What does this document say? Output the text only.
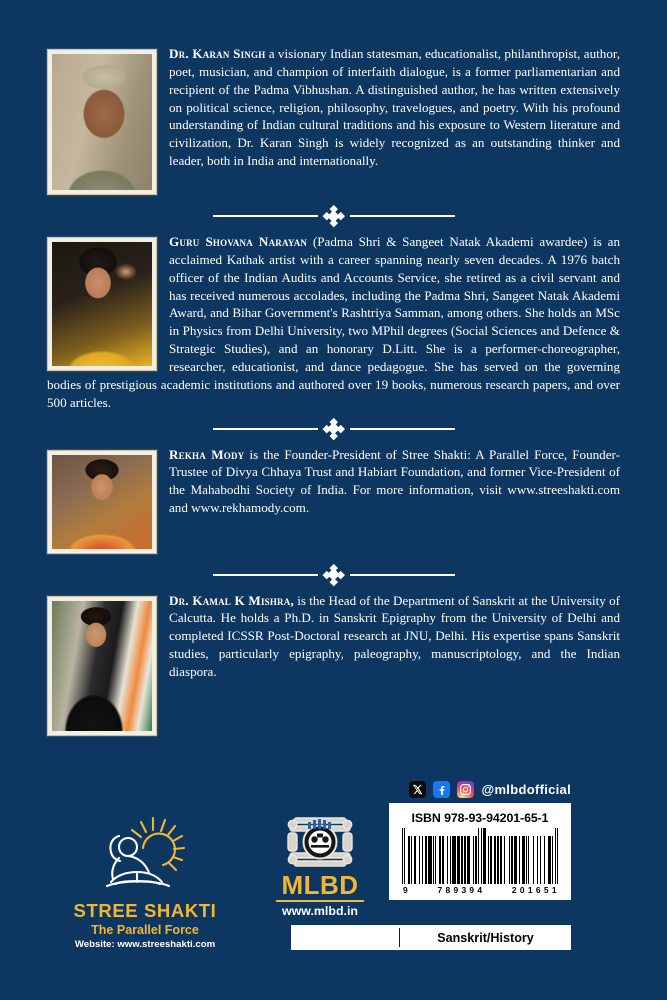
Dr. Karan Singh a visionary Indian statesman, educationalist, philanthropist, author, poet, musician, and champion of interfaith dialogue, is a former parliamentarian and recipient of the Padma Vibhushan. A distinguished author, he has written extensively on political science, religion, philosophy, travelogues, and poetry. With his profound understanding of Indian cultural traditions and his exposure to Western literature and civilization, Dr. Karan Singh is widely recognized as an outstanding thinker and leader, both in India and internationally.

Guru Shovana Narayan (Padma Shri & Sangeet Natak Akademi awardee) is an acclaimed Kathak artist with a career spanning nearly seven decades. A 1976 batch officer of the Indian Audits and Accounts Service, she retired as a civil servant and has received numerous accolades, including the Padma Shri, Sangeet Natak Akademi Award, and Bihar Government's Rashtriya Samman, among others. She holds an MSc in Physics from Delhi University, two MPhil degrees (Social Sciences and Defence & Strategic Studies), and an honorary D.Litt. She is a performer-choreographer, researcher, educationist, and dance pedagogue. She has served on the governing bodies of prestigious academic institutions and authored over 19 books, numerous research papers, and over 500 articles.

Rekha Mody is the Founder-President of Stree Shakti: A Parallel Force, Founder-Trustee of Divya Chhaya Trust and Habiart Foundation, and former Vice-President of the Mahabodhi Society of India. For more information, visit www.streeshakti.com and www.rekhamody.com.

Dr. Kamal K Mishra, is the Head of the Department of Sanskrit at the University of Calcutta. He holds a Ph.D. in Sanskrit Epigraphy from the University of Delhi and completed ICSSR Post-Doctoral research at JNU, Delhi. His expertise spans Sanskrit studies, particularly epigraphy, paleography, manuscriptology, and the Indian diaspora.

STREE SHAKTI
The Parallel Force
Website: www.streeshakti.com
MLBD
www.mlbd.in
@mlbdofficial
ISBN 978-93-94201-65-1
9	7 8 9 3 9 4	2 0 1 6 5 1
Sanskrit/History
